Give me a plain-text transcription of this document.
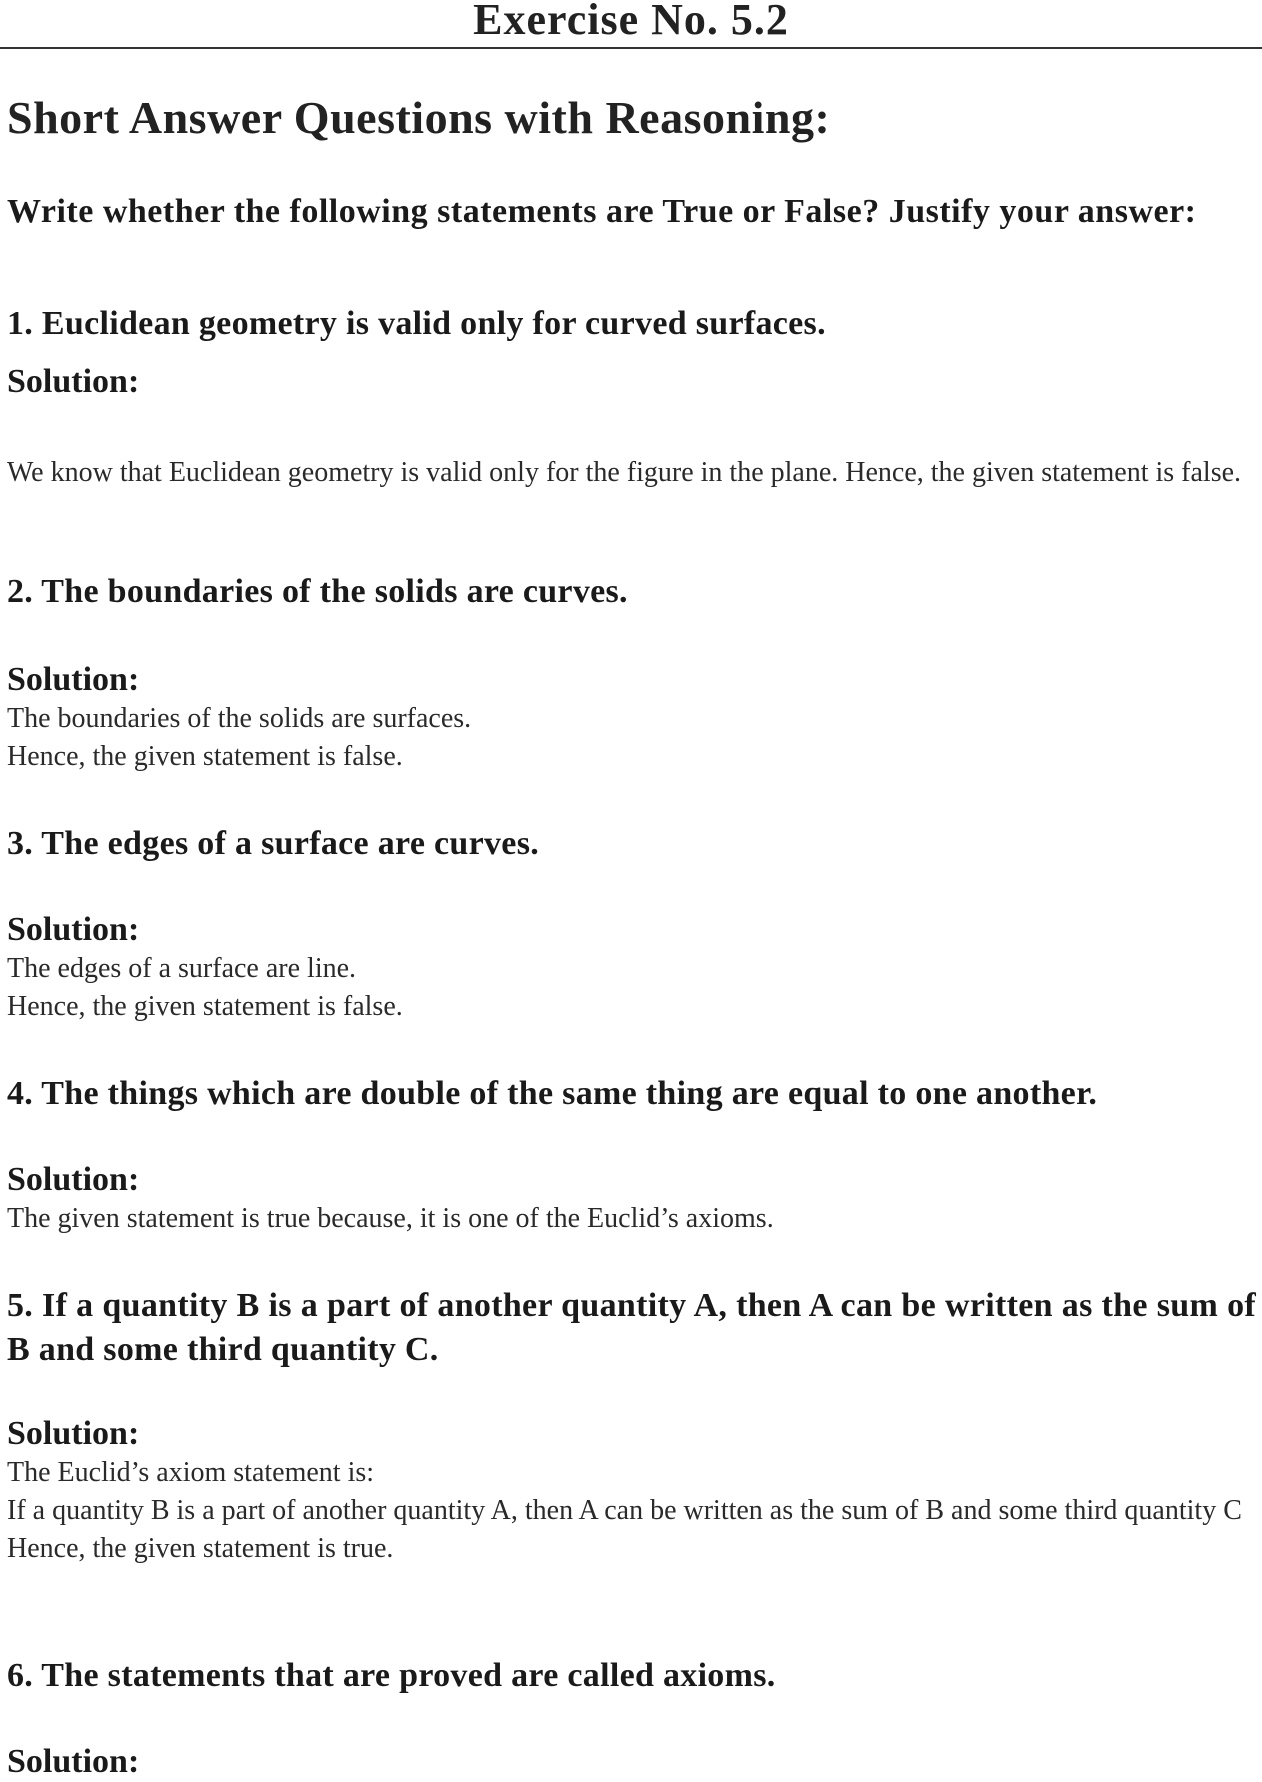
Exercise No. 5.2
Short Answer Questions with Reasoning:
Write whether the following statements are True or False? Justify your answer:
1. Euclidean geometry is valid only for curved surfaces.
Solution:
We know that Euclidean geometry is valid only for the figure in the plane. Hence, the given statement is false.
2. The boundaries of the solids are curves.
Solution:
The boundaries of the solids are surfaces.
Hence, the given statement is false.
3. The edges of a surface are curves.
Solution:
The edges of a surface are line.
Hence, the given statement is false.
4. The things which are double of the same thing are equal to one another.
Solution:
The given statement is true because, it is one of the Euclid’s axioms.
5. If a quantity B is a part of another quantity A, then A can be written as the sum of B and some third quantity C.
Solution:
The Euclid’s axiom statement is:
If a quantity B is a part of another quantity A, then A can be written as the sum of B and some third quantity C
Hence, the given statement is true.
6. The statements that are proved are called axioms.
Solution:
